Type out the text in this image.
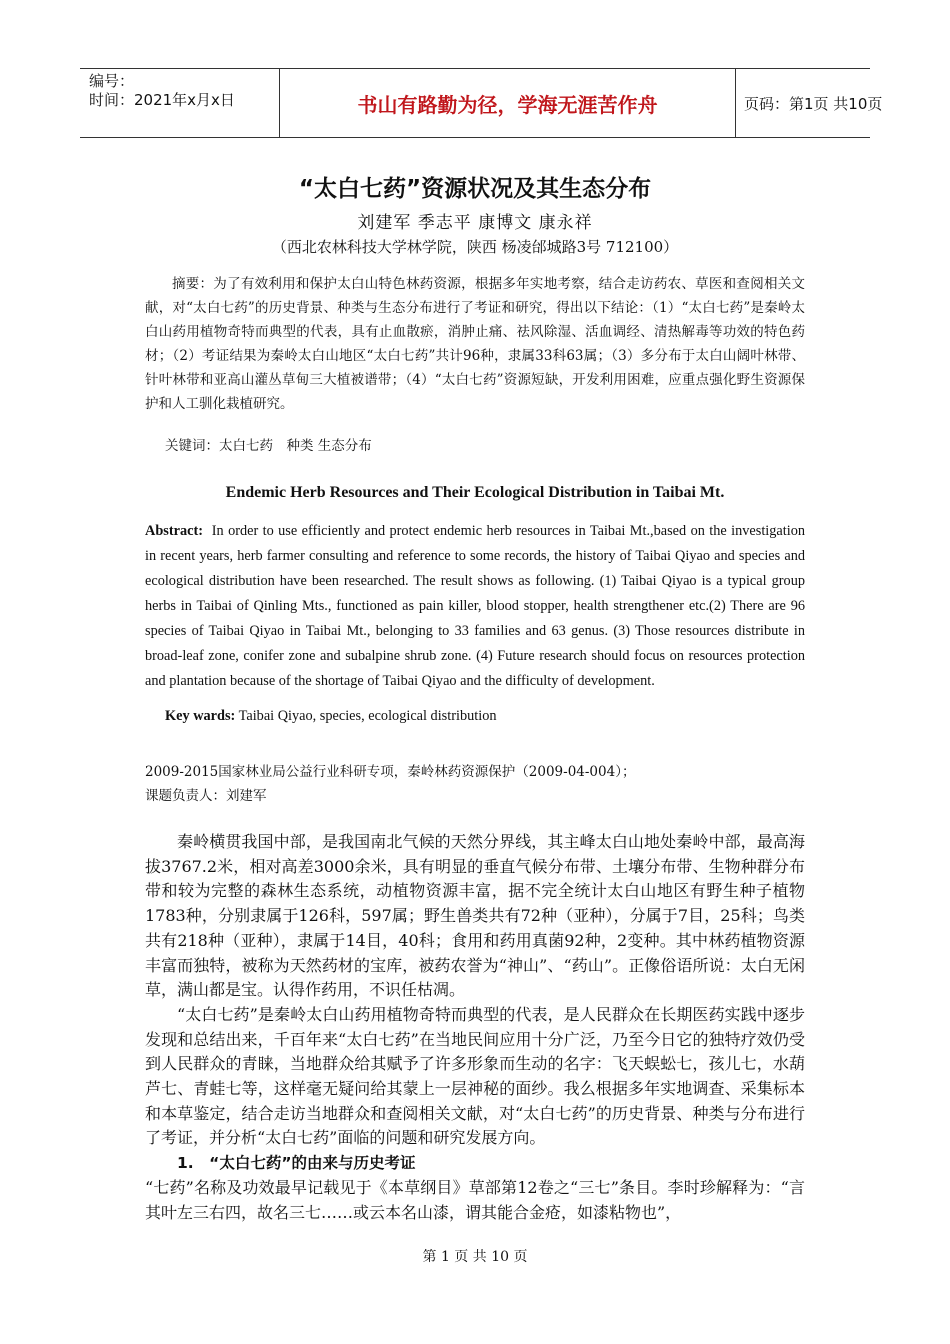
编号：
时间：2021年x月x日	书山有路勤为径，学海无涯苦作舟	页码：第1页 共10页
“太白七药”资源状况及其生态分布
刘建军 季志平 康博文 康永祥
（西北农林科技大学林学院，陕西 杨凌邰城路3号 712100）
摘要：为了有效利用和保护太白山特色林药资源，根据多年实地考察，结合走访药农、草医和查阅相关文献，对“太白七药”的历史背景、种类与生态分布进行了考证和研究，得出以下结论：（1）“太白七药”是秦岭太白山药用植物奇特而典型的代表，具有止血散瘀，消肿止痛、祛风除湿、活血调经、清热解毒等功效的特色药材；（2）考证结果为秦岭太白山地区“太白七药”共计96种，隶属33科63属；（3）多分布于太白山阔叶林带、针叶林带和亚高山灌丛草甸三大植被谱带；（4）“太白七药”资源短缺，开发利用困难，应重点强化野生资源保护和人工驯化栽植研究。
关键词：太白七药　种类 生态分布
Endemic Herb Resources and Their Ecological Distribution in Taibai Mt.
Abstract: In order to use efficiently and protect endemic herb resources in Taibai Mt.,based on the investigation in recent years, herb farmer consulting and reference to some records, the history of Taibai Qiyao and species and ecological distribution have been researched. The result shows as following. (1) Taibai Qiyao is a typical group herbs in Taibai of Qinling Mts., functioned as pain killer, blood stopper, health strengthener etc.(2) There are 96 species of Taibai Qiyao in Taibai Mt., belonging to 33 families and 63 genus. (3) Those resources distribute in broad-leaf zone, conifer zone and subalpine shrub zone. (4) Future research should focus on resources protection and plantation because of the shortage of Taibai Qiyao and the difficulty of development.
Key wards: Taibai Qiyao, species, ecological distribution
2009-2015国家林业局公益行业科研专项，秦岭林药资源保护（2009-04-004）；
课题负责人：刘建军

秦岭横贯我国中部，是我国南北气候的天然分界线，其主峰太白山地处秦岭中部，最高海拔3767.2米，相对高差3000余米，具有明显的垂直气候分布带、土壤分布带、生物种群分布带和较为完整的森林生态系统，动植物资源丰富，据不完全统计太白山地区有野生种子植物1783种，分别隶属于126科，597属；野生兽类共有72种（亚种），分属于7目，25科；鸟类共有218种（亚种），隶属于14目，40科；食用和药用真菌92种，2变种。其中林药植物资源丰富而独特，被称为天然药材的宝库，被药农誉为“神山”、“药山”。正像俗语所说：太白无闲草，满山都是宝。认得作药用，不识任枯凋。

“太白七药”是秦岭太白山药用植物奇特而典型的代表，是人民群众在长期医药实践中逐步发现和总结出来，千百年来“太白七药”在当地民间应用十分广泛，乃至今日它的独特疗效仍受到人民群众的青睐，当地群众给其赋予了许多形象而生动的名字：飞天蜈蚣七，孩儿七，水葫芦七、青蛙七等，这样毫无疑问给其蒙上一层神秘的面纱。我么根据多年实地调查、采集标本和本草鉴定，结合走访当地群众和查阅相关文献，对“太白七药”的历史背景、种类与分布进行了考证，并分析“太白七药”面临的问题和研究发展方向。

1.　“太白七药”的由来与历史考证

“七药”名称及功效最早记载见于《本草纲目》草部第12卷之“三七”条目。李时珍解释为：“言其叶左三右四，故名三七……或云本名山漆，谓其能合金疮，如漆粘物也”，

第 1 页 共 10 页
